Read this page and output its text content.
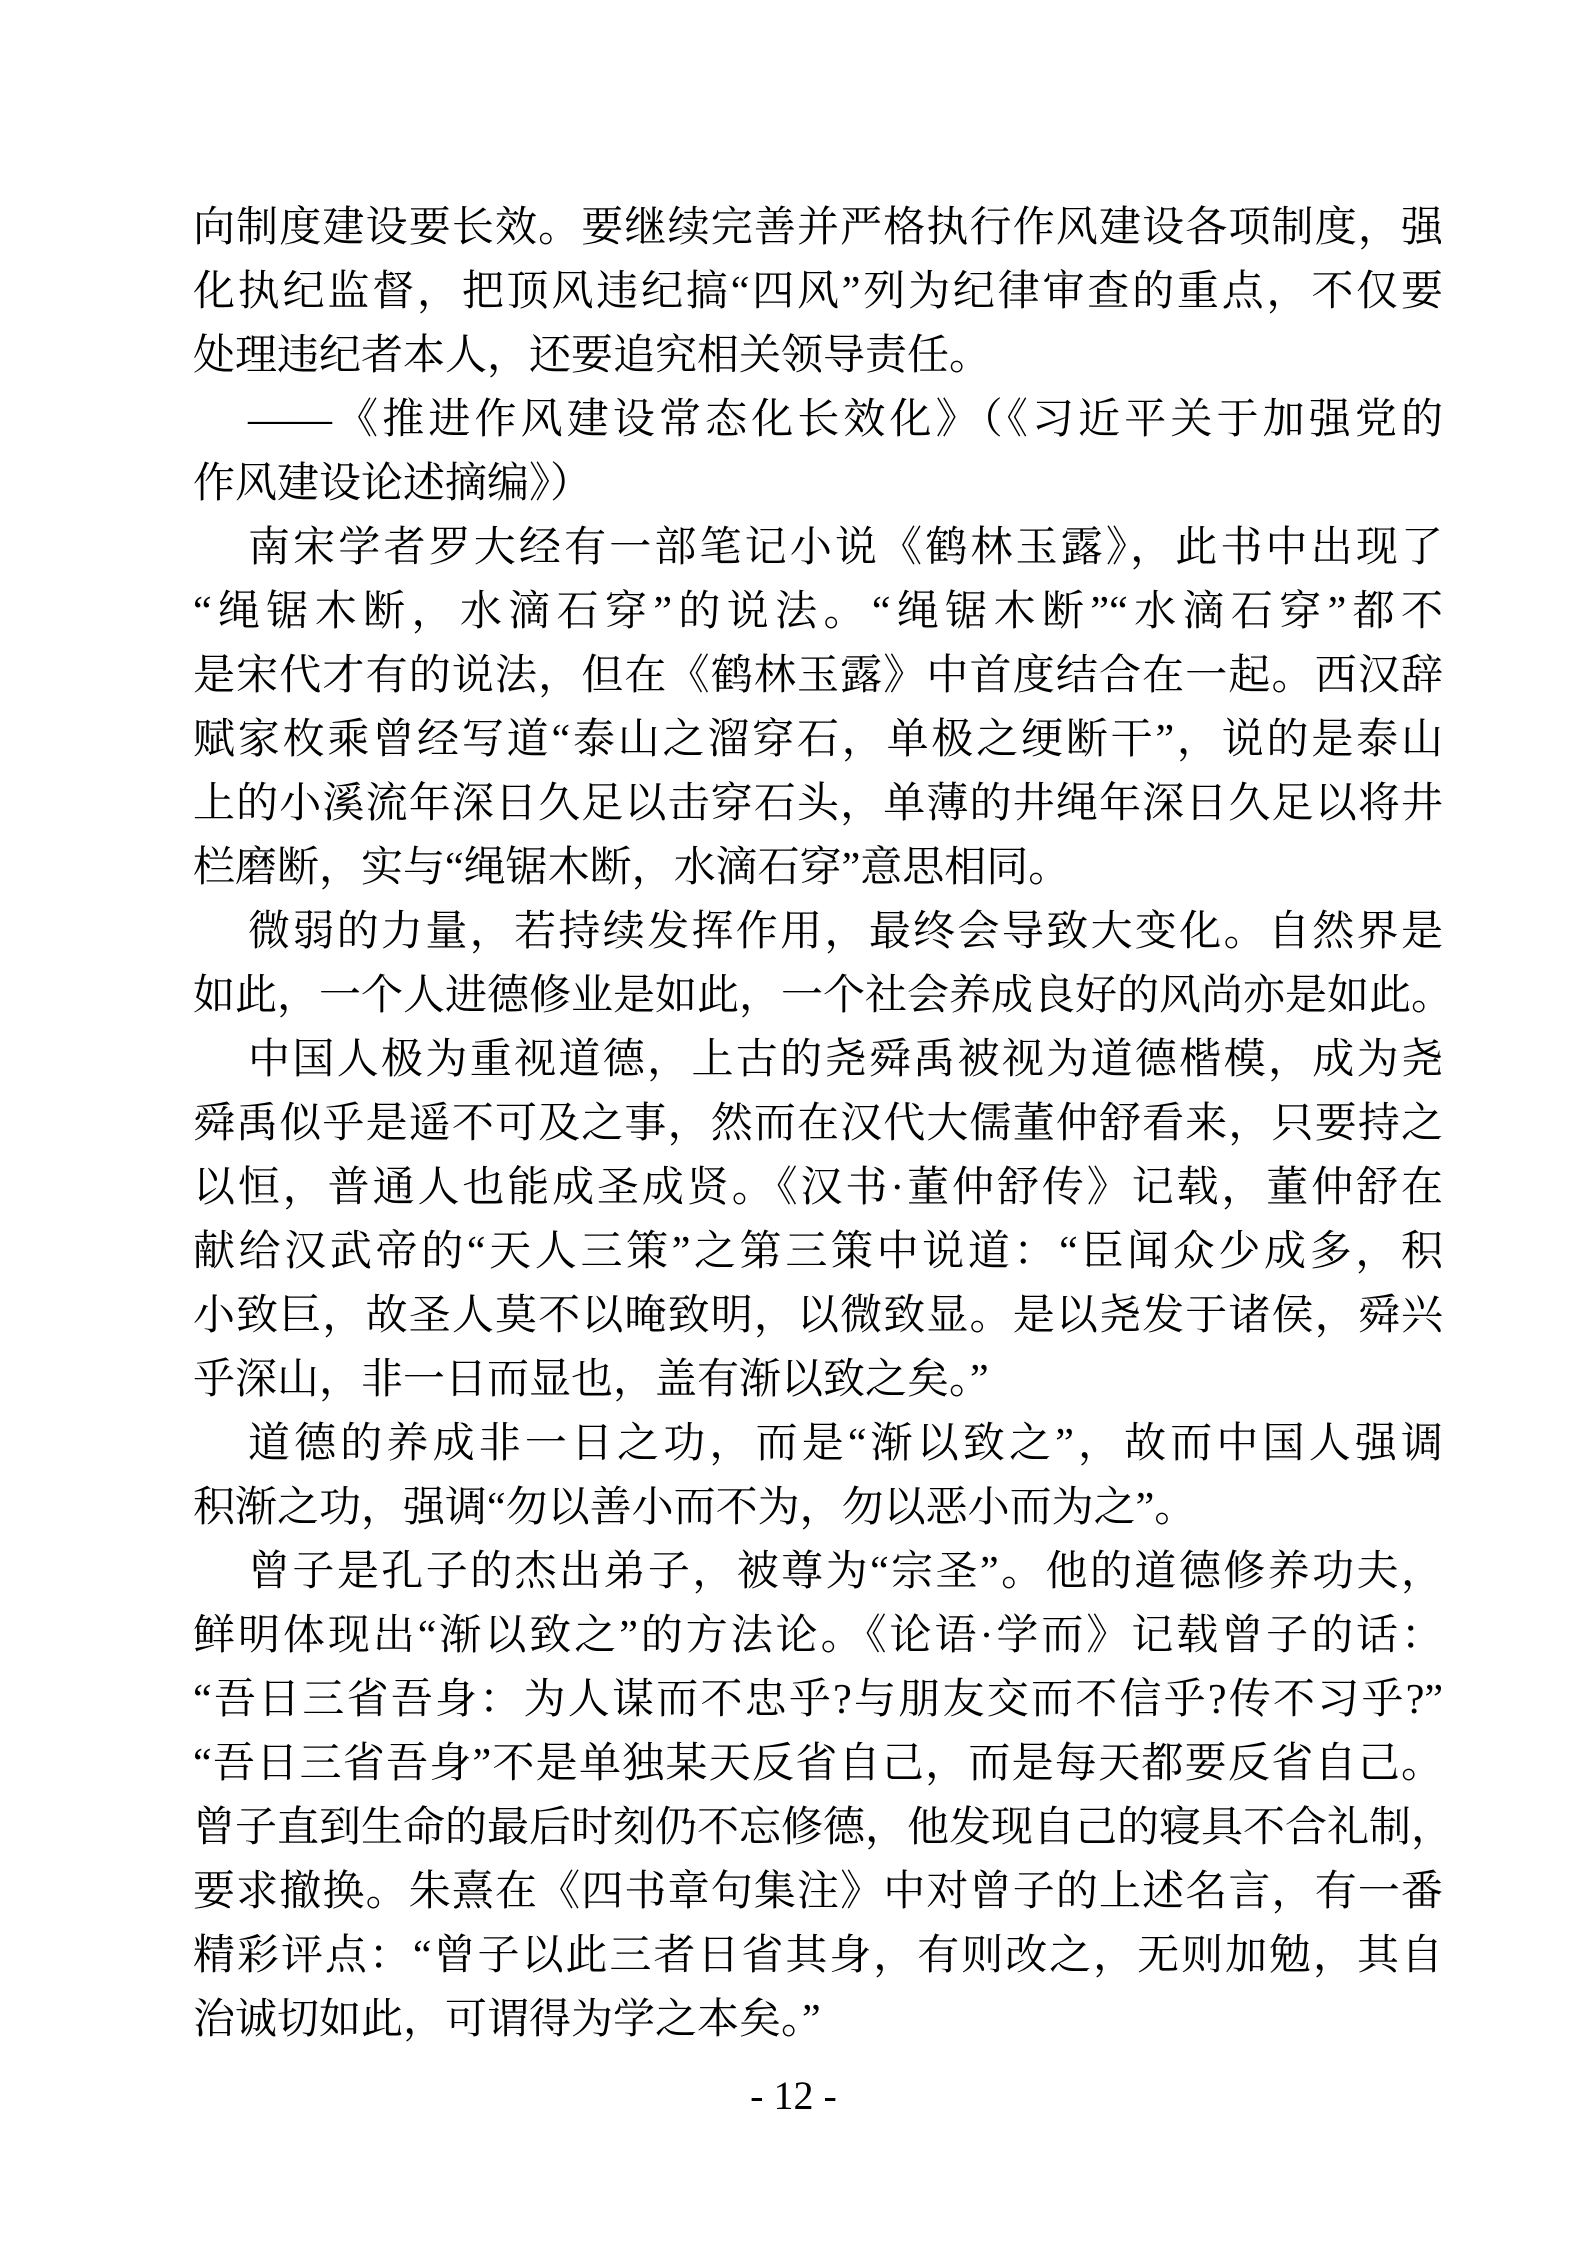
向制度建设要长效。要继续完善并严格执行作风建设各项制度，强
化执纪监督，把顶风违纪搞“四风”列为纪律审查的重点，不仅要
处理违纪者本人，还要追究相关领导责任。
——《推进作风建设常态化长效化》（《习近平关于加强党的
作风建设论述摘编》）
南宋学者罗大经有一部笔记小说《鹤林玉露》，此书中出现了
“绳锯木断，水滴石穿”的说法。“绳锯木断”“水滴石穿”都不
是宋代才有的说法，但在《鹤林玉露》中首度结合在一起。西汉辞
赋家枚乘曾经写道“泰山之溜穿石，单极之绠断干”，说的是泰山
上的小溪流年深日久足以击穿石头，单薄的井绳年深日久足以将井
栏磨断，实与“绳锯木断，水滴石穿”意思相同。
微弱的力量，若持续发挥作用，最终会导致大变化。自然界是
如此，一个人进德修业是如此，一个社会养成良好的风尚亦是如此。
中国人极为重视道德，上古的尧舜禹被视为道德楷模，成为尧
舜禹似乎是遥不可及之事，然而在汉代大儒董仲舒看来，只要持之
以恒，普通人也能成圣成贤。《汉书·董仲舒传》记载，董仲舒在
献给汉武帝的“天人三策”之第三策中说道：“臣闻众少成多，积
小致巨，故圣人莫不以晻致明，以微致显。是以尧发于诸侯，舜兴
乎深山，非一日而显也，盖有渐以致之矣。”
道德的养成非一日之功，而是“渐以致之”，故而中国人强调
积渐之功，强调“勿以善小而不为，勿以恶小而为之”。
曾子是孔子的杰出弟子，被尊为“宗圣”。他的道德修养功夫，
鲜明体现出“渐以致之”的方法论。《论语·学而》记载曾子的话：
“吾日三省吾身：为人谋而不忠乎?与朋友交而不信乎?传不习乎?”
“吾日三省吾身”不是单独某天反省自己，而是每天都要反省自己。
曾子直到生命的最后时刻仍不忘修德，他发现自己的寝具不合礼制，
要求撤换。朱熹在《四书章句集注》中对曾子的上述名言，有一番
精彩评点：“曾子以此三者日省其身，有则改之，无则加勉，其自
治诚切如此，可谓得为学之本矣。”
- 12 -
